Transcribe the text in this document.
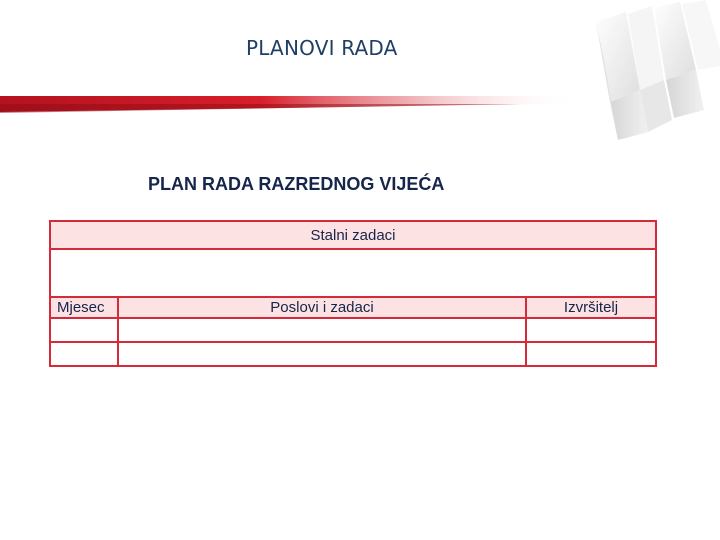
PLANOVI RADA
PLAN RADA RAZREDNOG VIJEĆA
Stalni zadaci		

Mjesec	Poslovi i zadaci	Izvršitelj
